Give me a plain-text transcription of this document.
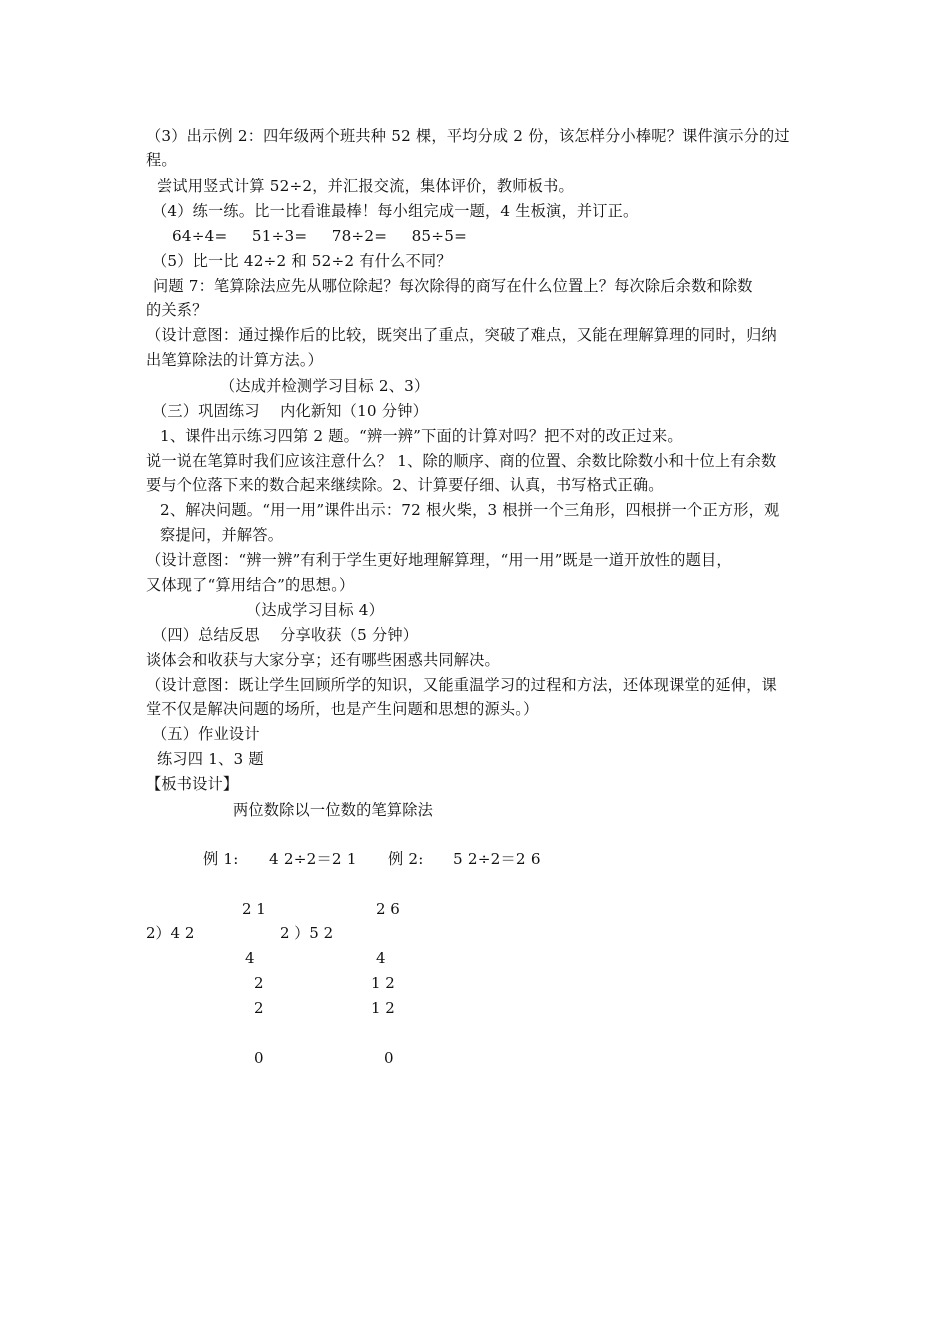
（3）出示例 2：四年级两个班共种 52 棵，平均分成 2 份，该怎样分小棒呢？课件演示分的过
程。
尝试用竖式计算 52÷2，并汇报交流，集体评价，教师板书。
（4）练一练。比一比看谁最棒！每小组完成一题，4 生板演，并订正。
64÷4=　 51÷3=　 78÷2=　 85÷5=
（5）比一比 42÷2 和 52÷2 有什么不同？
问题 7：笔算除法应先从哪位除起？每次除得的商写在什么位置上？每次除后余数和除数
的关系？
（设计意图：通过操作后的比较，既突出了重点，突破了难点，又能在理解算理的同时，归纳
出笔算除法的计算方法。）
（达成并检测学习目标 2、3）
（三）巩固练习　 内化新知（10 分钟）
1、课件出示练习四第 2 题。“辨一辨”下面的计算对吗？把不对的改正过来。
说一说在笔算时我们应该注意什么？ 1、除的顺序、商的位置、余数比除数小和十位上有余数
要与个位落下来的数合起来继续除。2、计算要仔细、认真，书写格式正确。
2、解决问题。“用一用”课件出示：72 根火柴，3 根拼一个三角形，四根拼一个正方形，观
察提问，并解答。
（设计意图：“辨一辨”有利于学生更好地理解算理，“用一用”既是一道开放性的题目，
又体现了“算用结合”的思想。）
（达成学习目标 4）
（四）总结反思　 分享收获（5 分钟）
谈体会和收获与大家分享；还有哪些困惑共同解决。
（设计意图：既让学生回顾所学的知识，又能重温学习的过程和方法，还体现课堂的延伸，课
堂不仅是解决问题的场所，也是产生问题和思想的源头。）
（五）作业设计
练习四 1、3 题
【板书设计】
两位数除以一位数的笔算除法
例 1: 4 2÷2＝2 1 例 2: 5 2÷2＝2 6
2 1
2）4 2
4
2
2
0
2 6
2 ）5 2
4
1 2
1 2
0
